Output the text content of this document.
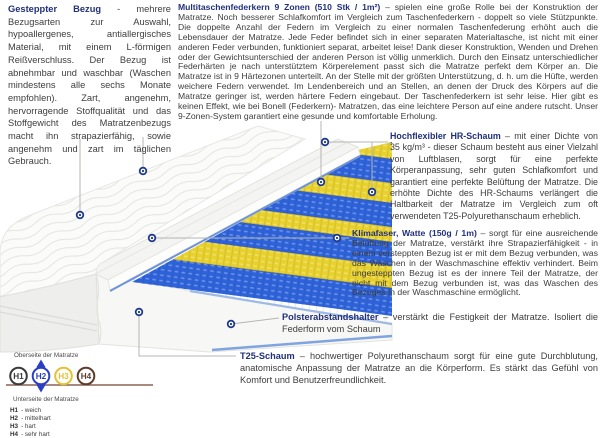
Oberseite der Matratze
H1 H2 H3 H4
Unterseite der Matratze
H1 - weich
H2 - mittelhart
H3 - hart
H4 - sehr hart
Gesteppter Bezug - mehrere Bezugsarten zur Auswahl, hypoallergenes, antiallergisches Material, mit einem L-förmigen Reißverschluss. Der Bezug ist abnehmbar und waschbar (Waschen mindestens alle sechs Monate empfohlen). Zart, angenehm, hervorragende Stoffqualität und das Stoffgewicht des Matratzenbezugs macht ihn strapazierfähig, sowie angenehm und zart im täglichen Gebrauch.
Multitaschenfederkern 9 Zonen (510 Stk / 1m²) – spielen eine große Rolle bei der Konstruktion der Matratze. Noch besserer Schlafkomfort im Vergleich zum Taschenfederkern - doppelt so viele Stützpunkte. Die doppelte Anzahl der Federn im Vergleich zu einer normalen Taschenfederung erhöht auch die Lebensdauer der Matratze. Jede Feder befindet sich in einer separaten Materialtasche, ist nicht mit einer anderen Feder verbunden, funktioniert separat, arbeitet leise! Dank dieser Konstruktion, Wenden und Drehen oder der Gewichtsunterschied der anderen Person ist völlig unmerklich. Durch den Einsatz unterschiedlicher Federhärten je nach unterstütztem Körperelement passt sich die Matratze perfekt dem Körper an. Die Matratze ist in 9 Härtezonen unterteilt. An der Stelle mit der größten Unterstützung, d. h. um die Hüfte, werden weichere Federn verwendet. Im Lendenbereich und an Stellen, an denen der Druck des Körpers auf die Matratze geringer ist, werden härtere Federn eingebaut. Der Taschenfederkern ist sehr leise. Hier gibt es keinen Effekt, wie bei Bonell (Federkern)- Matratzen, das eine leichtere Person auf eine andere rutscht. Unser 9-Zonen-System garantiert eine gesunde und komfortable Erholung.
Hochflexibler HR-Schaum – mit einer Dichte von 35 kg/m³ - dieser Schaum besteht aus einer Vielzahl von Luftblasen, sorgt für eine perfekte Körperanpassung, sehr guten Schlafkomfort und garantiert eine perfekte Belüftung der Matratze. Die erhöhte Dichte des HR-Schaums verlängert die Haltbarkeit der Matratze im Vergleich zum oft verwendeten T25-Polyurethanschaum erheblich.
Klimafaser, Watte (150g / 1m) – sorgt für eine ausreichende Belüftung der Matratze, verstärkt ihre Strapazierfähigkeit - in einem versteppten Bezug ist er mit dem Bezug verbunden, was das Waschen in der Waschmaschine effektiv verhindert. Beim ungesteppten Bezug ist es der innere Teil der Matratze, der nicht mit dem Bezug verbunden ist, was das Waschen des Bezuges in der Waschmaschine ermöglicht.
Polsterabstandshalter – verstärkt die Festigkeit der Matratze. Isoliert die Federform vom Schaum
T25-Schaum – hochwertiger Polyurethanschaum sorgt für eine gute Durchblutung, anatomische Anpassung der Matratze an die Körperform. Es stärkt das Gefühl von Komfort und Benutzerfreundlichkeit.
